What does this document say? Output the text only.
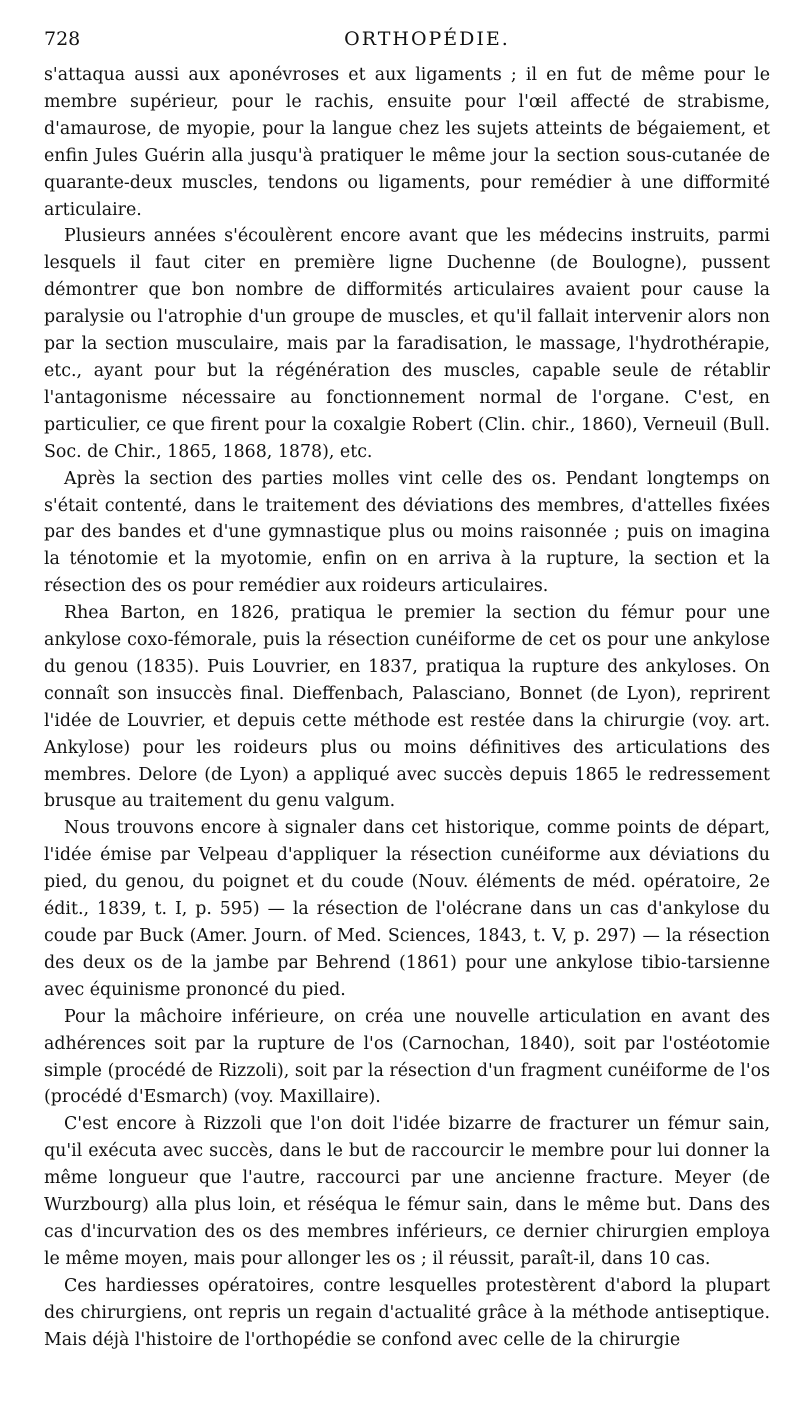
728	ORTHOPÉDIE.

s'attaqua aussi aux aponévroses et aux ligaments ; il en fut de même pour le membre supérieur, pour le rachis, ensuite pour l'œil affecté de strabisme, d'amaurose, de myopie, pour la langue chez les sujets atteints de bégaiement, et enfin Jules Guérin alla jusqu'à pratiquer le même jour la section sous-cutanée de quarante-deux muscles, tendons ou ligaments, pour remédier à une difformité articulaire.

Plusieurs années s'écoulèrent encore avant que les médecins instruits, parmi lesquels il faut citer en première ligne Duchenne (de Boulogne), pussent démontrer que bon nombre de difformités articulaires avaient pour cause la paralysie ou l'atrophie d'un groupe de muscles, et qu'il fallait intervenir alors non par la section musculaire, mais par la faradisation, le massage, l'hydrothérapie, etc., ayant pour but la régénération des muscles, capable seule de rétablir l'antagonisme nécessaire au fonctionnement normal de l'organe. C'est, en particulier, ce que firent pour la coxalgie Robert (Clin. chir., 1860), Verneuil (Bull. Soc. de Chir., 1865, 1868, 1878), etc.

Après la section des parties molles vint celle des os. Pendant longtemps on s'était contenté, dans le traitement des déviations des membres, d'attelles fixées par des bandes et d'une gymnastique plus ou moins raisonnée ; puis on imagina la ténotomie et la myotomie, enfin on en arriva à la rupture, la section et la résection des os pour remédier aux roideurs articulaires.

Rhea Barton, en 1826, pratiqua le premier la section du fémur pour une ankylose coxo-fémorale, puis la résection cunéiforme de cet os pour une ankylose du genou (1835). Puis Louvrier, en 1837, pratiqua la rupture des ankyloses. On connaît son insuccès final. Dieffenbach, Palasciano, Bonnet (de Lyon), reprirent l'idée de Louvrier, et depuis cette méthode est restée dans la chirurgie (voy. art. Ankylose) pour les roideurs plus ou moins définitives des articulations des membres. Delore (de Lyon) a appliqué avec succès depuis 1865 le redressement brusque au traitement du genu valgum.

Nous trouvons encore à signaler dans cet historique, comme points de départ, l'idée émise par Velpeau d'appliquer la résection cunéiforme aux déviations du pied, du genou, du poignet et du coude (Nouv. éléments de méd. opératoire, 2e édit., 1839, t. I, p. 595) — la résection de l'olécrane dans un cas d'ankylose du coude par Buck (Amer. Journ. of Med. Sciences, 1843, t. V, p. 297) — la résection des deux os de la jambe par Behrend (1861) pour une ankylose tibio-tarsienne avec équinisme prononcé du pied.

Pour la mâchoire inférieure, on créa une nouvelle articulation en avant des adhérences soit par la rupture de l'os (Carnochan, 1840), soit par l'ostéotomie simple (procédé de Rizzoli), soit par la résection d'un fragment cunéiforme de l'os (procédé d'Esmarch) (voy. Maxillaire).

C'est encore à Rizzoli que l'on doit l'idée bizarre de fracturer un fémur sain, qu'il exécuta avec succès, dans le but de raccourcir le membre pour lui donner la même longueur que l'autre, raccourci par une ancienne fracture. Meyer (de Wurzbourg) alla plus loin, et réséqua le fémur sain, dans le même but. Dans des cas d'incurvation des os des membres inférieurs, ce dernier chirurgien employa le même moyen, mais pour allonger les os ; il réussit, paraît-il, dans 10 cas.

Ces hardiesses opératoires, contre lesquelles protestèrent d'abord la plupart des chirurgiens, ont repris un regain d'actualité grâce à la méthode antiseptique. Mais déjà l'histoire de l'orthopédie se confond avec celle de la chirurgie
